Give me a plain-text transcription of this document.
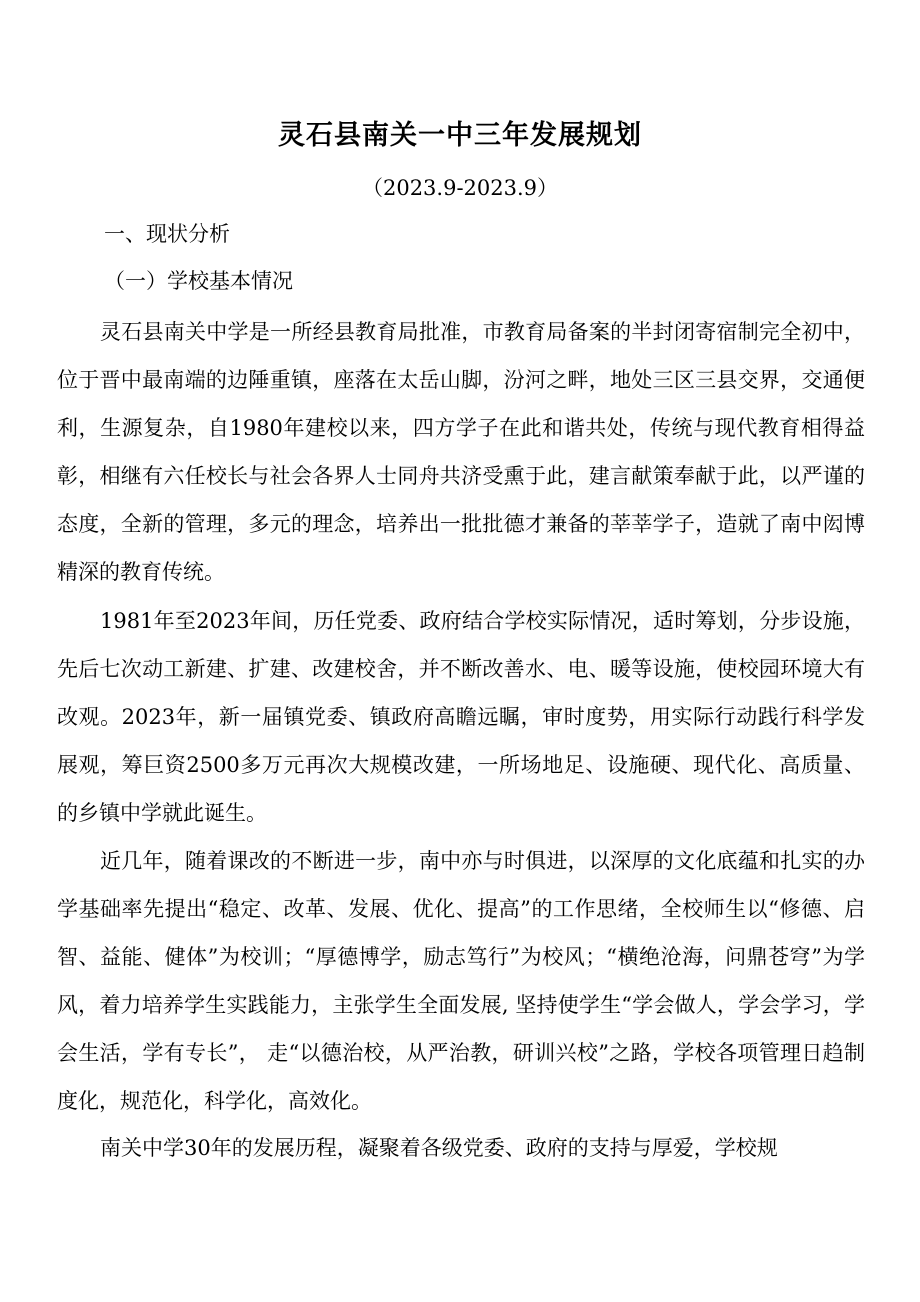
灵石县南关一中三年发展规划
（2023.9-2023.9）
一、现状分析
（一）学校基本情况

灵石县南关中学是一所经县教育局批准，市教育局备案的半封闭寄宿制完全初中，位于晋中最南端的边陲重镇，座落在太岳山脚，汾河之畔，地处三区三县交界，交通便利，生源复杂，自1980年建校以来，四方学子在此和谐共处，传统与现代教育相得益彰，相继有六任校长与社会各界人士同舟共济受熏于此，建言献策奉献于此，以严谨的态度，全新的管理，多元的理念，培养出一批批德才兼备的莘莘学子，造就了南中闳博精深的教育传统。

1981年至2023年间，历任党委、政府结合学校实际情况，适时筹划，分步设施，先后七次动工新建、扩建、改建校舍，并不断改善水、电、暖等设施，使校园环境大有改观。2023年，新一届镇党委、镇政府高瞻远瞩，审时度势，用实际行动践行科学发展观，筹巨资2500多万元再次大规模改建，一所场地足、设施硬、现代化、高质量、的乡镇中学就此诞生。

近几年，随着课改的不断进一步，南中亦与时俱进，以深厚的文化底蕴和扎实的办学基础率先提出“稳定、改革、发展、优化、提高”的工作思绪，全校师生以“修德、启智、益能、健体”为校训；“厚德博学，励志笃行”为校风；“横绝沧海，问鼎苍穹”为学风，着力培养学生实践能力，主张学生全面发展, 坚持使学生“学会做人，学会学习，学会生活，学有专长”， 走“以德治校，从严治教，研训兴校”之路，学校各项管理日趋制度化，规范化，科学化，高效化。

南关中学30年的发展历程，凝聚着各级党委、政府的支持与厚爱，学校规
